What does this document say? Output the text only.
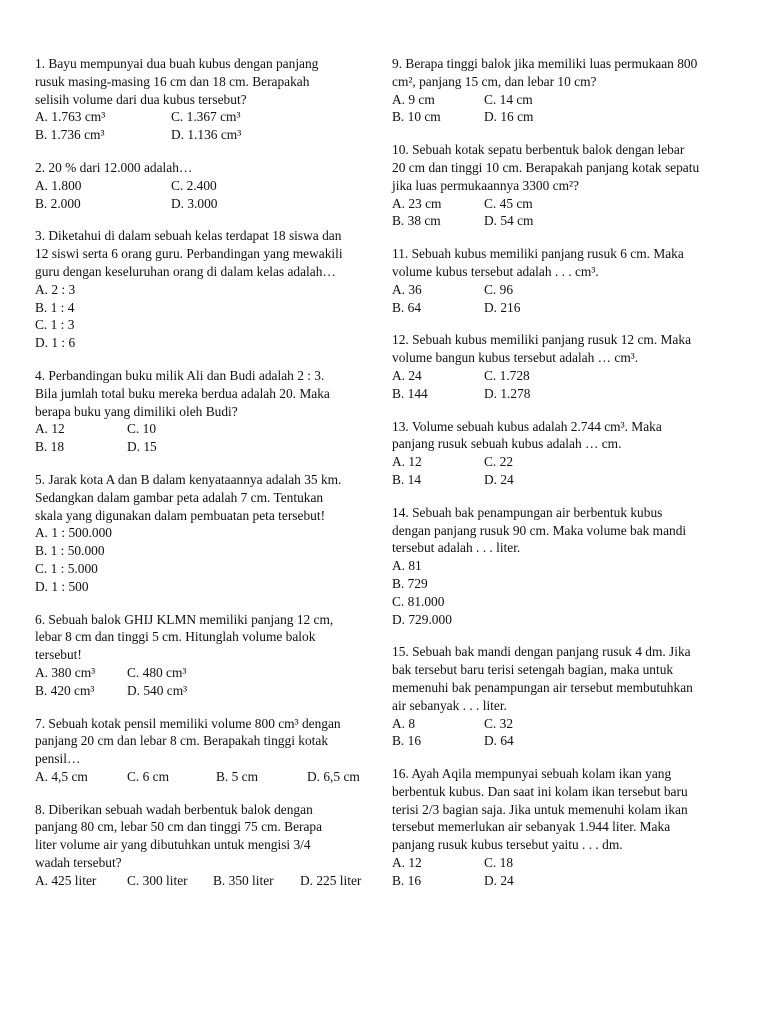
1. Bayu mempunyai dua buah kubus dengan panjang
rusuk masing-masing 16 cm dan 18 cm. Berapakah
selisih volume dari dua kubus tersebut?
A. 1.763 cm³	C. 1.367 cm³
B. 1.736 cm³	D. 1.136 cm³
2. 20 % dari 12.000 adalah…
A. 1.800	C. 2.400
B. 2.000	D. 3.000
3. Diketahui di dalam sebuah kelas terdapat 18 siswa dan
12 siswi serta 6 orang guru. Perbandingan yang mewakili
guru dengan keseluruhan orang di dalam kelas adalah…
A. 2 : 3
B. 1 : 4
C. 1 : 3
D. 1 : 6
4. Perbandingan buku milik Ali dan Budi adalah 2 : 3.
Bila jumlah total buku mereka berdua adalah 20. Maka
berapa buku yang dimiliki oleh Budi?
A. 12	C. 10
B. 18	D. 15
5. Jarak kota A dan B dalam kenyataannya adalah 35 km.
Sedangkan dalam gambar peta adalah 7 cm. Tentukan
skala yang digunakan dalam pembuatan peta tersebut!
A. 1 : 500.000
B. 1 : 50.000
C. 1 : 5.000
D. 1 : 500
6. Sebuah balok GHIJ KLMN memiliki panjang 12 cm,
lebar 8 cm dan tinggi 5 cm. Hitunglah volume balok
tersebut!
A. 380 cm³	C. 480 cm³
B. 420 cm³	D. 540 cm³
7. Sebuah kotak pensil memiliki volume 800 cm³ dengan
panjang 20 cm dan lebar 8 cm. Berapakah tinggi kotak
pensil…
A. 4,5 cm	C. 6 cm	B. 5 cm	D. 6,5 cm
8. Diberikan sebuah wadah berbentuk balok dengan
panjang 80 cm, lebar 50 cm dan tinggi 75 cm. Berapa
liter volume air yang dibutuhkan untuk mengisi 3/4
wadah tersebut?
A. 425 liter	C. 300 liter	B. 350 liter	D. 225 liter
9. Berapa tinggi balok jika memiliki luas permukaan 800
cm², panjang 15 cm, dan lebar 10 cm?
A. 9 cm	C. 14 cm
B. 10 cm	D. 16 cm
10. Sebuah kotak sepatu berbentuk balok dengan lebar
20 cm dan tinggi 10 cm. Berapakah panjang kotak sepatu
jika luas permukaannya 3300 cm²?
A. 23 cm	C. 45 cm
B. 38 cm	D. 54 cm
11. Sebuah kubus memiliki panjang rusuk 6 cm. Maka
volume kubus tersebut adalah . . . cm³.
A. 36	C. 96
B. 64	D. 216
12. Sebuah kubus memiliki panjang rusuk 12 cm. Maka
volume bangun kubus tersebut adalah … cm³.
A. 24	C. 1.728
B. 144	D. 1.278
13. Volume sebuah kubus adalah 2.744 cm³. Maka
panjang rusuk sebuah kubus adalah … cm.
A. 12	C. 22
B. 14	D. 24
14. Sebuah bak penampungan air berbentuk kubus
dengan panjang rusuk 90 cm. Maka volume bak mandi
tersebut adalah . . . liter.
A. 81
B. 729
C. 81.000
D. 729.000
15. Sebuah bak mandi dengan panjang rusuk 4 dm. Jika
bak tersebut baru terisi setengah bagian, maka untuk
memenuhi bak penampungan air tersebut membutuhkan
air sebanyak . . . liter.
A. 8	C. 32
B. 16	D. 64
16. Ayah Aqila mempunyai sebuah kolam ikan yang
berbentuk kubus. Dan saat ini kolam ikan tersebut baru
terisi 2/3 bagian saja. Jika untuk memenuhi kolam ikan
tersebut memerlukan air sebanyak 1.944 liter. Maka
panjang rusuk kubus tersebut yaitu . . . dm.
A. 12	C. 18
B. 16	D. 24
